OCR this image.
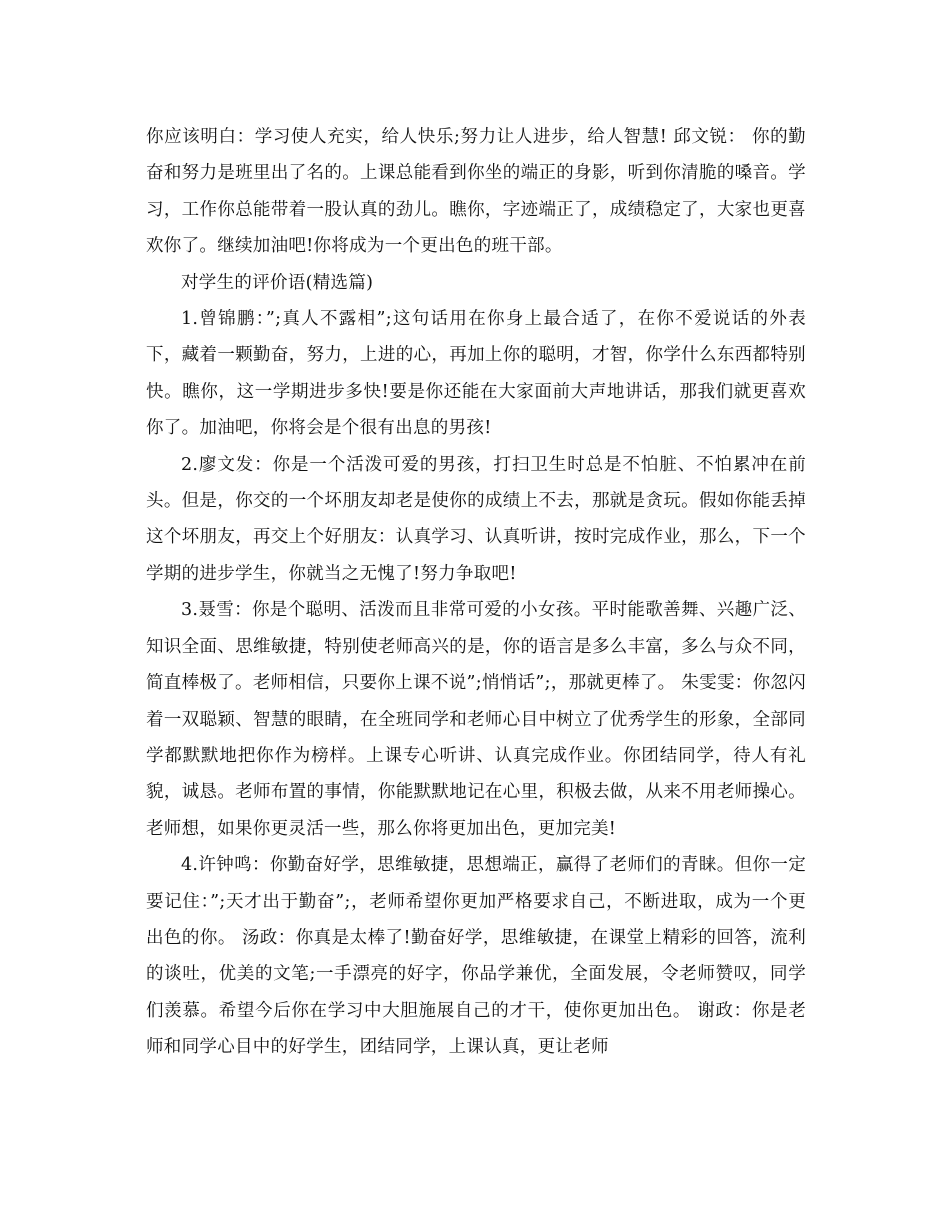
你应该明白：学习使人充实，给人快乐;努力让人进步，给人智慧! 邱文锐： 你的勤奋和努力是班里出了名的。上课总能看到你坐的端正的身影，听到你清脆的嗓音。学习，工作你总能带着一股认真的劲儿。瞧你，字迹端正了，成绩稳定了，大家也更喜欢你了。继续加油吧!你将成为一个更出色的班干部。

对学生的评价语(精选篇)

1.曾锦鹏：”;真人不露相”;这句话用在你身上最合适了，在你不爱说话的外表下，藏着一颗勤奋，努力，上进的心，再加上你的聪明，才智，你学什么东西都特别快。瞧你，这一学期进步多快!要是你还能在大家面前大声地讲话，那我们就更喜欢你了。加油吧，你将会是个很有出息的男孩!

2.廖文发：你是一个活泼可爱的男孩，打扫卫生时总是不怕脏、不怕累冲在前头。但是，你交的一个坏朋友却老是使你的成绩上不去，那就是贪玩。假如你能丢掉这个坏朋友，再交上个好朋友：认真学习、认真听讲，按时完成作业，那么，下一个学期的进步学生，你就当之无愧了!努力争取吧!

3.聂雪：你是个聪明、活泼而且非常可爱的小女孩。平时能歌善舞、兴趣广泛、知识全面、思维敏捷，特别使老师高兴的是，你的语言是多么丰富，多么与众不同，简直棒极了。老师相信，只要你上课不说”;悄悄话”;，那就更棒了。 朱雯雯：你忽闪着一双聪颖、智慧的眼睛，在全班同学和老师心目中树立了优秀学生的形象，全部同学都默默地把你作为榜样。上课专心听讲、认真完成作业。你团结同学，待人有礼貌，诚恳。老师布置的事情，你能默默地记在心里，积极去做，从来不用老师操心。老师想，如果你更灵活一些，那么你将更加出色，更加完美!

4.许钟鸣：你勤奋好学，思维敏捷，思想端正，赢得了老师们的青睐。但你一定要记住：”;天才出于勤奋”;，老师希望你更加严格要求自己，不断进取，成为一个更出色的你。 汤政：你真是太棒了!勤奋好学，思维敏捷，在课堂上精彩的回答，流利的谈吐，优美的文笔;一手漂亮的好字，你品学兼优，全面发展，令老师赞叹，同学们羡慕。希望今后你在学习中大胆施展自己的才干，使你更加出色。 谢政：你是老师和同学心目中的好学生，团结同学，上课认真，更让老师
